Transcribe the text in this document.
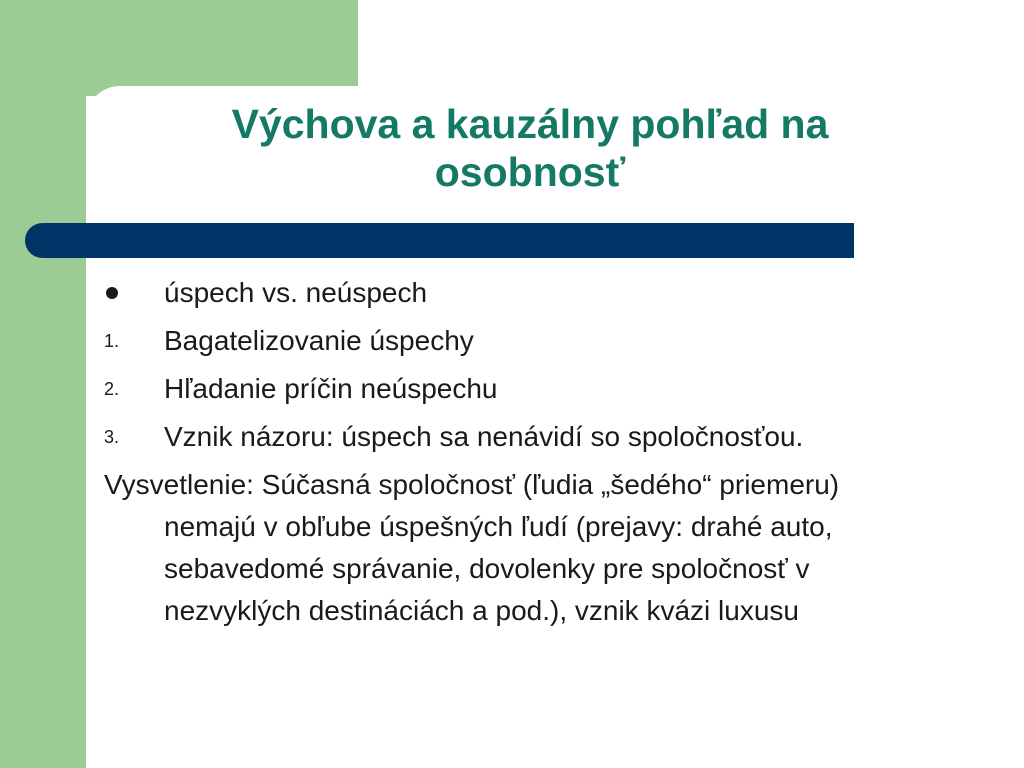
Výchova a kauzálny pohľad na
osobnosť
úspech vs. neúspech
1. Bagatelizovanie úspechy
2. Hľadanie príčin neúspechu
3. Vznik názoru: úspech sa nenávidí so spoločnosťou.

Vysvetlenie: Súčasná spoločnosť (ľudia „šedého“ priemeru) nemajú v obľube úspešných ľudí (prejavy: drahé auto, sebavedomé správanie, dovolenky pre spoločnosť v nezvyklých destináciách a pod.), vznik kvázi luxusu
